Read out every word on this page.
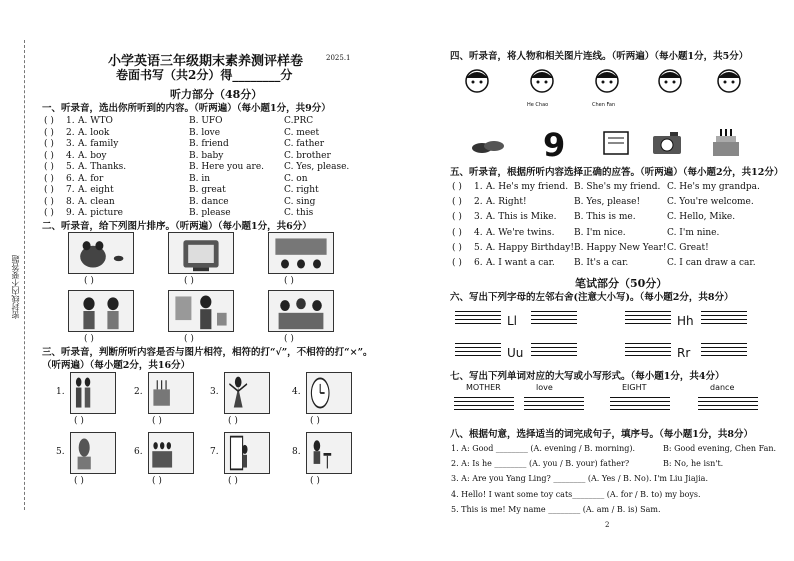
密封线内不要答题
小学英语三年级期末素养测评样卷	2025.1
卷面书写（共2分）得________分
听力部分（48分）
一、听录音，选出你所听到的内容。（听两遍）（每小题1分，共9分）
( ) 1. A. WTO	B. UFO	C.PRC
( ) 2. A. look	B. love	C. meet
( ) 3. A. family	B. friend	C. father
( ) 4. A. boy	B. baby	C. brother
( ) 5. A. Thanks.	B. Here you are. C. Yes, please.
( ) 6. A. for	B. in	C. on
( ) 7. A. eight	B. great	C. right
( ) 8. A. clean	B. dance	C. sing
( ) 9. A. picture	B. please	C. this
二、听录音，给下列图片排序。（听两遍）（每小题1分，共6分）
( )	( )	( )
( )	( )	( )
三、听录音，判断所听内容是否与图片相符，相符的打“√”，不相符的打“×”。
（听两遍）（每小题2分，共16分）
1.
( )
2.
( )
3.
( )
4.
( )
5.
( )
6.
( )
7.
( )
8.
( )
四、听录音，将人物和相关图片连线。（听两遍）（每小题1分，共5分）
He Chao	Chen Fan
9
五、听录音，根据所听内容选择正确的应答。（听两遍）（每小题2分，共12分）
( ) 1. A. He's my friend. B. She's my friend. C. He's my grandpa.
( ) 2. A. Right!	B. Yes, please!	C. You're welcome.
( ) 3. A. This is Mike. B. This is me.	C. Hello, Mike.
( ) 4. A. We're twins. B. I'm nice.	C. I'm nine.
( ) 5. A. Happy Birthday! B. Happy New Year! C. Great!
( ) 6. A. I want a car. B. It's a car.	C. I can draw a car.
笔试部分（50分）
六、写出下列字母的左邻右舍(注意大小写)。（每小题2分，共8分）
Ll	Hh
Uu	Rr
七、写出下列单词对应的大写或小写形式。（每小题1分，共4分）
MOTHER	love	EIGHT	dance
八、根据句意，选择适当的词完成句子，填序号。（每小题1分，共8分）
1. A: Good ________ (A. evening / B. morning).	B: Good evening, Chen Fan.
2. A: Is he ________ (A. you / B. your) father?	B: No, he isn't.
3. A: Are you Yang Ling? ________ (A. Yes / B. No). I'm Liu Jiajia.
4. Hello! I want some toy cats________ (A. for / B. to) my boys.
5. This is me! My name ________ (A. am / B. is) Sam.
2
